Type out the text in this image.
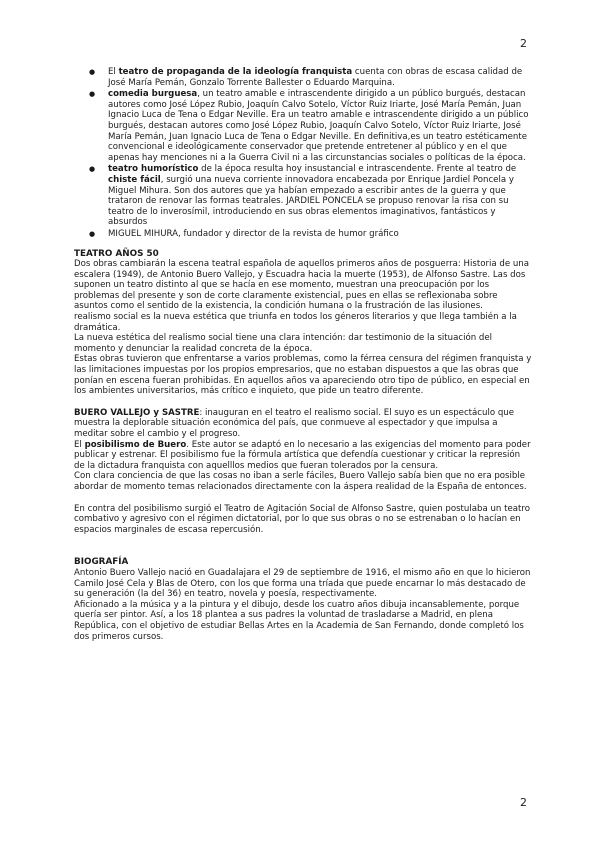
2
● El teatro de propaganda de la ideología franquista cuenta con obras de escasa calidad de José María Pemán, Gonzalo Torrente Ballester o Eduardo Marquina.
● comedia burguesa, un teatro amable e intrascendente dirigido a un público burgués, destacan autores como José López Rubio, Joaquín Calvo Sotelo, Víctor Ruiz Iriarte, José María Pemán, Juan Ignacio Luca de Tena o Edgar Neville. Era un teatro amable e intrascendente dirigido a un público burgués, destacan autores como José López Rubio, Joaquín Calvo Sotelo, Víctor Ruiz Iriarte, José María Pemán, Juan Ignacio Luca de Tena o Edgar Neville. En definitiva,es un teatro estéticamente convencional e ideológicamente conservador que pretende entretener al público y en el que apenas hay menciones ni a la Guerra Civil ni a las circunstancias sociales o políticas de la época.
● teatro humorístico de la época resulta hoy insustancial e intrascendente. Frente al teatro de chiste fácil, surgió una nueva corriente innovadora encabezada por Enrique Jardiel Poncela y Miguel Mihura. Son dos autores que ya habían empezado a escribir antes de la guerra y que trataron de renovar las formas teatrales. JARDIEL PONCELA se propuso renovar la risa con su teatro de lo inverosímil, introduciendo en sus obras elementos imaginativos, fantásticos y absurdos
● MIGUEL MIHURA, fundador y director de la revista de humor gráfico

TEATRO AÑOS 50

Dos obras cambiarán la escena teatral española de aquellos primeros años de posguerra: Historia de una escalera (1949), de Antonio Buero Vallejo, y Escuadra hacia la muerte (1953), de Alfonso Sastre. Las dos suponen un teatro distinto al que se hacía en ese momento, muestran una preocupación por los problemas del presente y son de corte claramente existencial, pues en ellas se reflexionaba sobre asuntos como el sentido de la existencia, la condición humana o la frustración de las ilusiones.

realismo social es la nueva estética que triunfa en todos los géneros literarios y que llega también a la dramática.

La nueva estética del realismo social tiene una clara intención: dar testimonio de la situación del momento y denunciar la realidad concreta de la época.

Estas obras tuvieron que enfrentarse a varios problemas, como la férrea censura del régimen franquista y las limitaciones impuestas por los propios empresarios, que no estaban dispuestos a que las obras que ponían en escena fueran prohibidas. En aquellos años va apareciendo otro tipo de público, en especial en los ambientes universitarios, más crítico e inquieto, que pide un teatro diferente.

BUERO VALLEJO y SASTRE: inauguran en el teatro el realismo social. El suyo es un espectáculo que muestra la deplorable situación económica del país, que conmueve al espectador y que impulsa a meditar sobre el cambio y el progreso.

El posibilismo de Buero. Este autor se adaptó en lo necesario a las exigencias del momento para poder publicar y estrenar. El posibilismo fue la fórmula artística que defendía cuestionar y criticar la represión de la dictadura franquista con aquelllos medios que fueran tolerados por la censura.

Con clara conciencia de que las cosas no iban a serle fáciles, Buero Vallejo sabía bien que no era posible abordar de momento temas relacionados directamente con la áspera realidad de la España de entonces.

En contra del posibilismo surgió el Teatro de Agitación Social de Alfonso Sastre, quien postulaba un teatro combativo y agresivo con el régimen dictatorial, por lo que sus obras o no se estrenaban o lo hacían en espacios marginales de escasa repercusión.

BIOGRAFÍA

Antonio Buero Vallejo nació en Guadalajara el 29 de septiembre de 1916, el mismo año en que lo hicieron Camilo José Cela y Blas de Otero, con los que forma una tríada que puede encarnar lo más destacado de su generación (la del 36) en teatro, novela y poesía, respectivamente.

Aficionado a la música y a la pintura y el dibujo, desde los cuatro años dibuja incansablemente, porque quería ser pintor. Así, a los 18 plantea a sus padres la voluntad de trasladarse a Madrid, en plena República, con el objetivo de estudiar Bellas Artes en la Academia de San Fernando, donde completó los dos primeros cursos.

2
